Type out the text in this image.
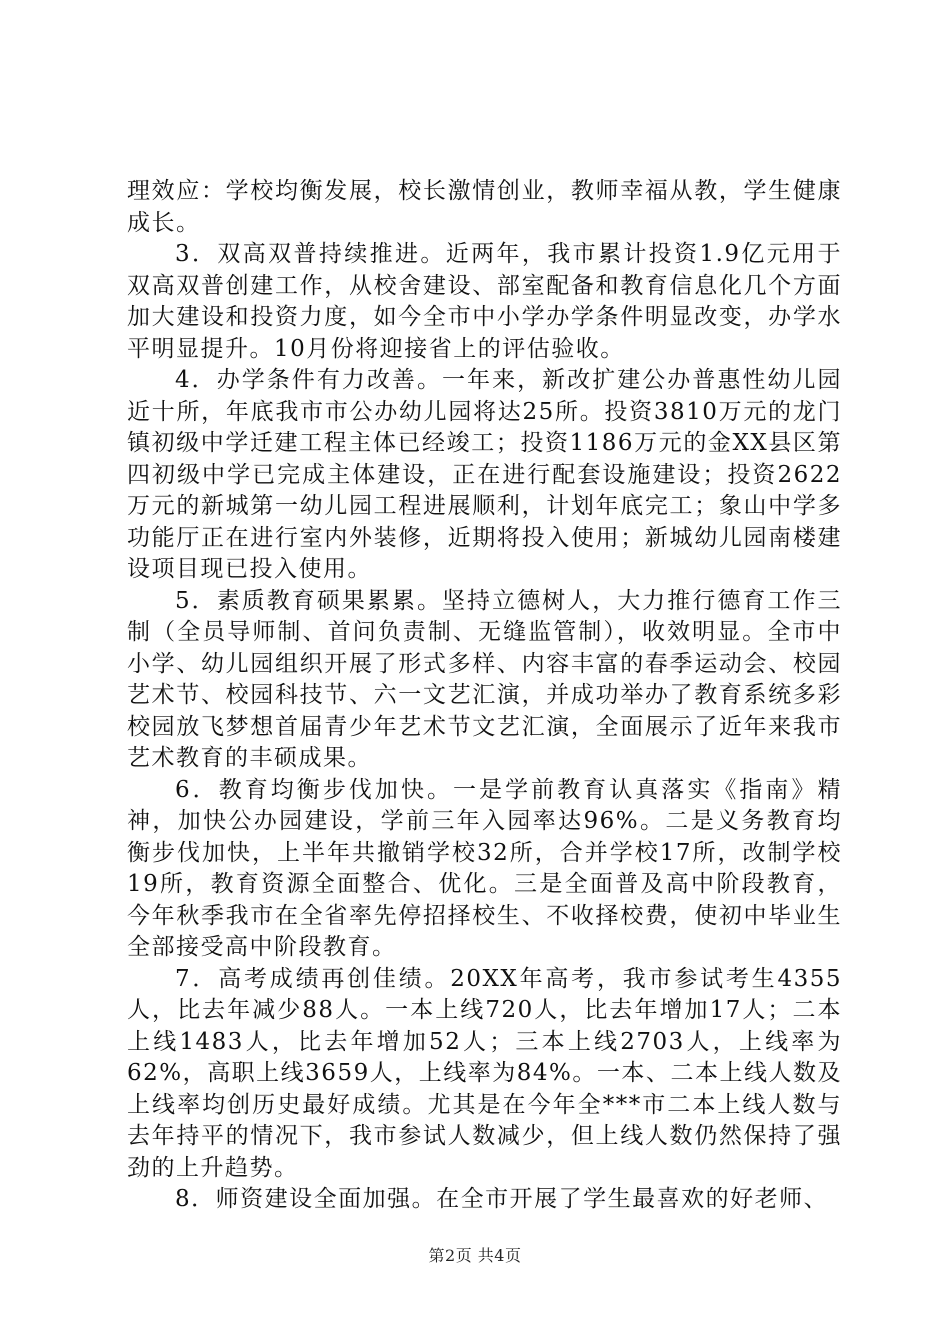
理效应：学校均衡发展，校长激情创业，教师幸福从教，学生健康成长。

3．双高双普持续推进。近两年，我市累计投资1.9亿元用于双高双普创建工作，从校舍建设、部室配备和教育信息化几个方面加大建设和投资力度，如今全市中小学办学条件明显改变，办学水平明显提升。10月份将迎接省上的评估验收。

4．办学条件有力改善。一年来，新改扩建公办普惠性幼儿园近十所，年底我市市公办幼儿园将达25所。投资3810万元的龙门镇初级中学迁建工程主体已经竣工；投资1186万元的金XX县区第四初级中学已完成主体建设，正在进行配套设施建设；投资2622万元的新城第一幼儿园工程进展顺利，计划年底完工；象山中学多功能厅正在进行室内外装修，近期将投入使用；新城幼儿园南楼建设项目现已投入使用。

5．素质教育硕果累累。坚持立德树人，大力推行德育工作三制（全员导师制、首问负责制、无缝监管制），收效明显。全市中小学、幼儿园组织开展了形式多样、内容丰富的春季运动会、校园艺术节、校园科技节、六一文艺汇演，并成功举办了教育系统多彩校园放飞梦想首届青少年艺术节文艺汇演，全面展示了近年来我市艺术教育的丰硕成果。

6．教育均衡步伐加快。一是学前教育认真落实《指南》精神，加快公办园建设，学前三年入园率达96%。二是义务教育均衡步伐加快，上半年共撤销学校32所，合并学校17所，改制学校19所，教育资源全面整合、优化。三是全面普及高中阶段教育，今年秋季我市在全省率先停招择校生、不收择校费，使初中毕业生全部接受高中阶段教育。

7．高考成绩再创佳绩。20XX年高考，我市参试考生4355人，比去年减少88人。一本上线720人，比去年增加17人；二本上线1483人，比去年增加52人；三本上线2703人，上线率为62%，高职上线3659人，上线率为84%。一本、二本上线人数及上线率均创历史最好成绩。尤其是在今年全***市二本上线人数与去年持平的情况下，我市参试人数减少，但上线人数仍然保持了强劲的上升趋势。

8．师资建设全面加强。在全市开展了学生最喜欢的好老师、

第2页 共4页
